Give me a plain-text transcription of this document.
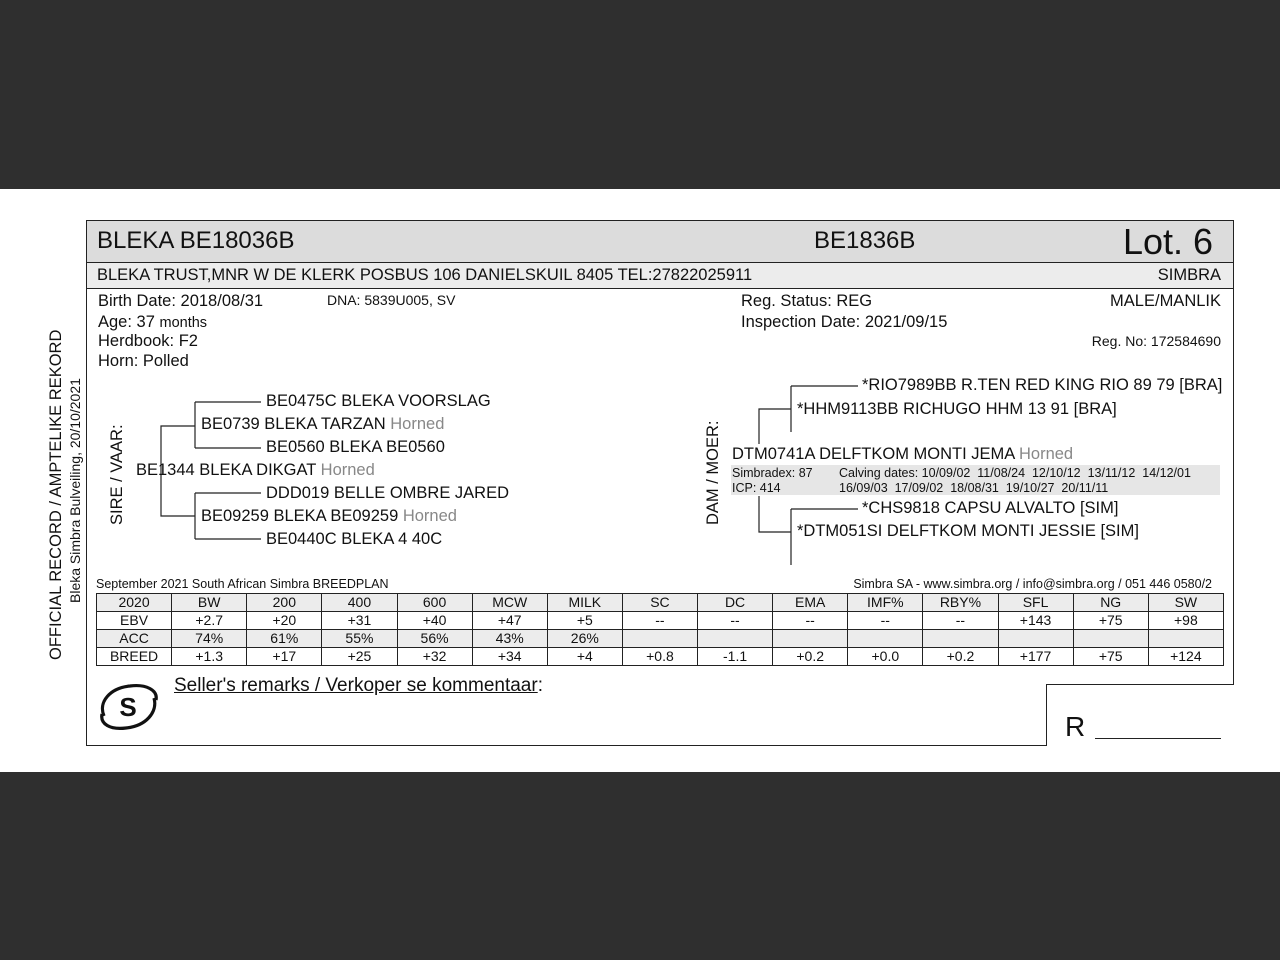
OFFICIAL RECORD / AMPTELIKE REKORD Bleka Simbra Bulveiling, 20/10/2021
BLEKA BE18036B	BE1836B	Lot. 6
BLEKA TRUST,MNR W DE KLERK POSBUS 106 DANIELSKUIL 8405 TEL:27822025911	SIMBRA
Birth Date: 2018/08/31	DNA: 5839U005, SV
Age: 37 months
Herdbook: F2
Horn: Polled
Reg. Status: REG
Inspection Date: 2021/09/15
MALE/MANLIK
Reg. No: 172584690
SIRE / VAAR:
BE0475C BLEKA VOORSLAG
BE0739 BLEKA TARZAN Horned
BE0560 BLEKA BE0560
BE1344 BLEKA DIKGAT Horned
DDD019 BELLE OMBRE JARED
BE09259 BLEKA BE09259 Horned
BE0440C BLEKA 4 40C
DAM / MOER:
*RIO7989BB R.TEN RED KING RIO 89 79 [BRA]
*HHM9113BB RICHUGO HHM 13 91 [BRA]
DTM0741A DELFTKOM MONTI JEMA Horned
Simbradex: 87
ICP: 414
Calving dates: 10/09/02  11/08/24  12/10/12  13/11/12  14/12/01
16/09/03  17/09/02  18/08/31  19/10/27  20/11/11
*CHS9818 CAPSU ALVALTO [SIM]
*DTM051SI DELFTKOM MONTI JESSIE [SIM]
September 2021 South African Simbra BREEDPLAN	Simbra SA - www.simbra.org / info@simbra.org / 051 446 0580/2
2020	BW	200	400	600	MCW	MILK	SC	DC	EMA	IMF%	RBY%	SFL	NG	SW
EBV	+2.7	+20	+31	+40	+47	+5	--	--	--	--	--	+143	+75	+98
ACC	74%	61%	55%	56%	43%	26%								
BREED	+1.3	+17	+25	+32	+34	+4	+0.8	-1.1	+0.2	+0.0	+0.2	+177	+75	+124
S
Seller's remarks / Verkoper se kommentaar:
R
